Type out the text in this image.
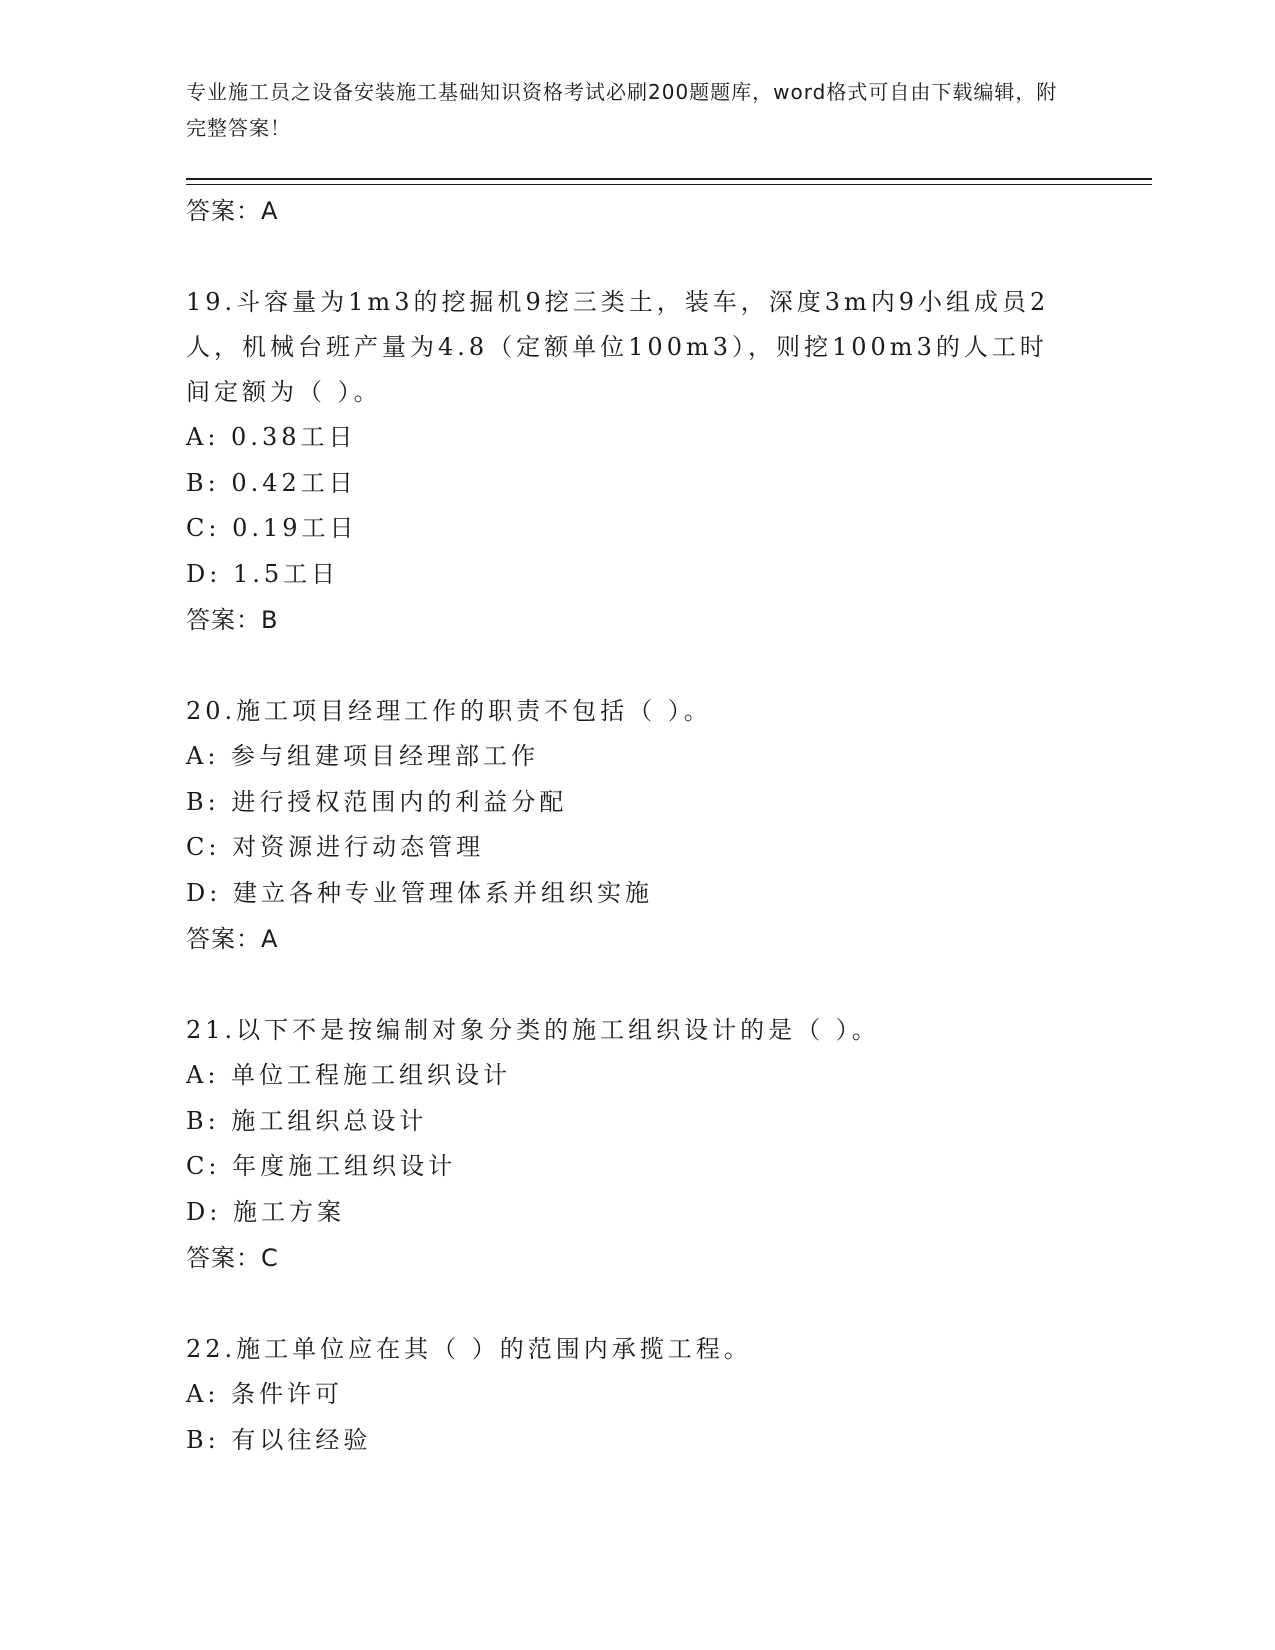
专业施工员之设备安装施工基础知识资格考试必刷200题题库，word格式可自由下载编辑，附完整答案！

答案：A

19.斗容量为1m3的挖掘机9挖三类土，装车，深度3m内9小组成员2人，机械台班产量为4.8（定额单位100m3），则挖100m3的人工时间定额为（ ）。

A: 0.38工日

B: 0.42工日

C: 0.19工日

D: 1.5工日

答案：B

20.施工项目经理工作的职责不包括（ ）。

A: 参与组建项目经理部工作

B: 进行授权范围内的利益分配

C: 对资源进行动态管理

D: 建立各种专业管理体系并组织实施

答案：A

21.以下不是按编制对象分类的施工组织设计的是（ ）。

A: 单位工程施工组织设计

B: 施工组织总设计

C: 年度施工组织设计

D: 施工方案

答案：C

22.施工单位应在其（ ）的范围内承揽工程。

A: 条件许可

B: 有以往经验
